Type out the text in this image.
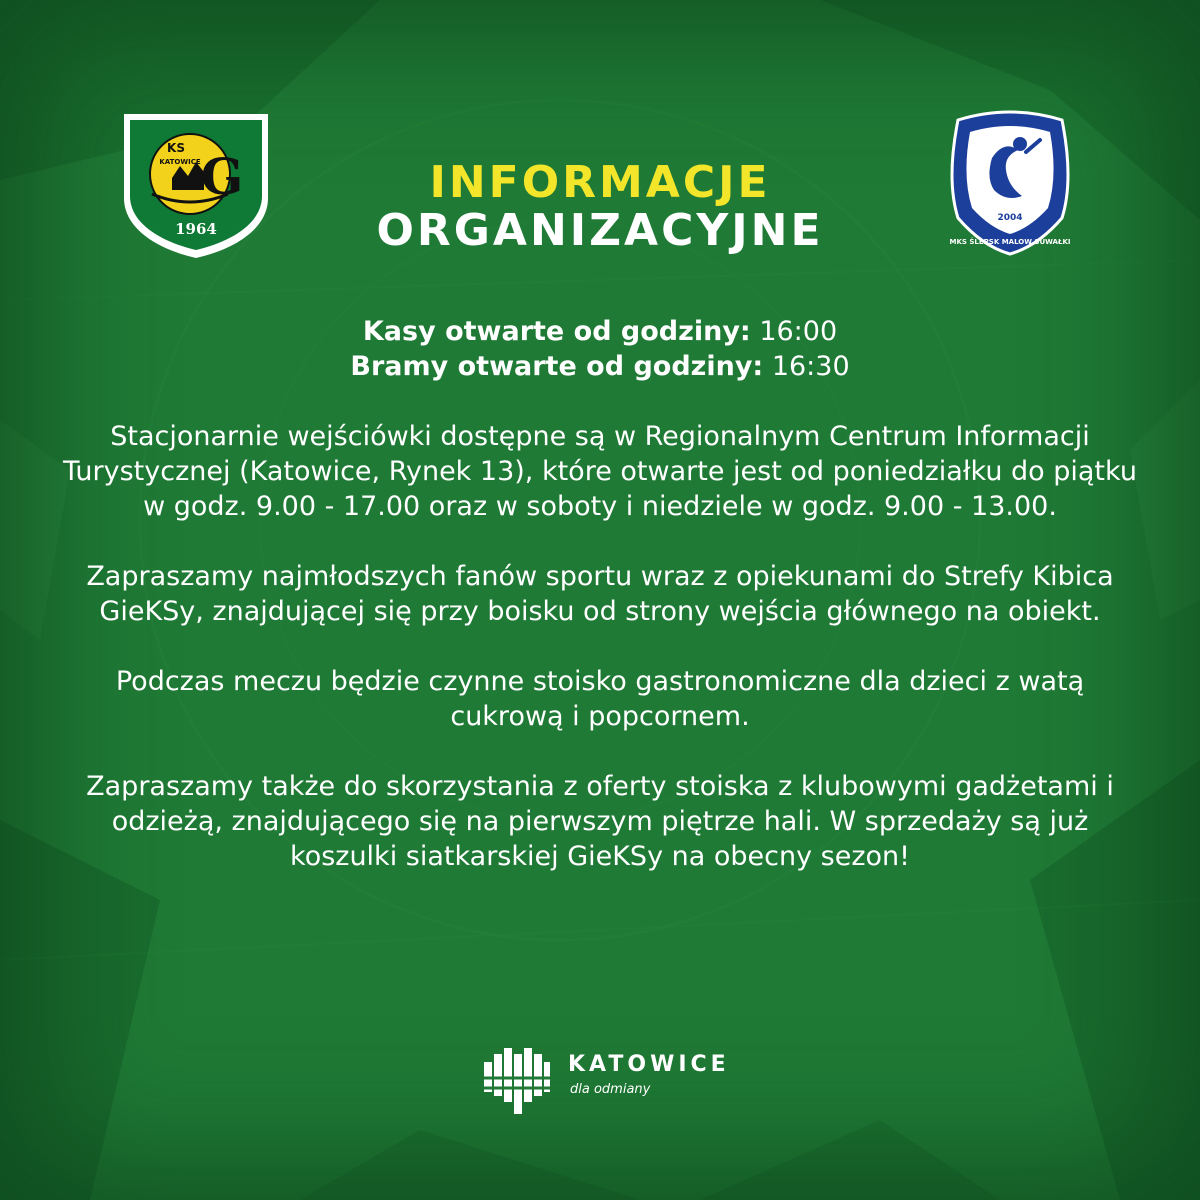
G
KS
KATOWICE
1964
2004
MKS ŚLEPSK MALOW SUWAŁKI
INFORMACJE
ORGANIZACYJNE

Kasy otwarte od godziny: 16:00

Bramy otwarte od godziny: 16:30

Stacjonarnie wejściówki dostępne są w Regionalnym Centrum Informacji Turystycznej (Katowice, Rynek 13), które otwarte jest od poniedziałku do piątku w godz. 9.00 - 17.00 oraz w soboty i niedziele w godz. 9.00 - 13.00.

Zapraszamy najmłodszych fanów sportu wraz z opiekunami do Strefy Kibica GieKSy, znajdującej się przy boisku od strony wejścia głównego na obiekt.

Podczas meczu będzie czynne stoisko gastronomiczne dla dzieci z watą cukrową i popcornem.

Zapraszamy także do skorzystania z oferty stoiska z klubowymi gadżetami i odzieżą, znajdującego się na pierwszym piętrze hali. W sprzedaży są już koszulki siatkarskiej GieKSy na obecny sezon!

KATOWICE
dla odmiany
